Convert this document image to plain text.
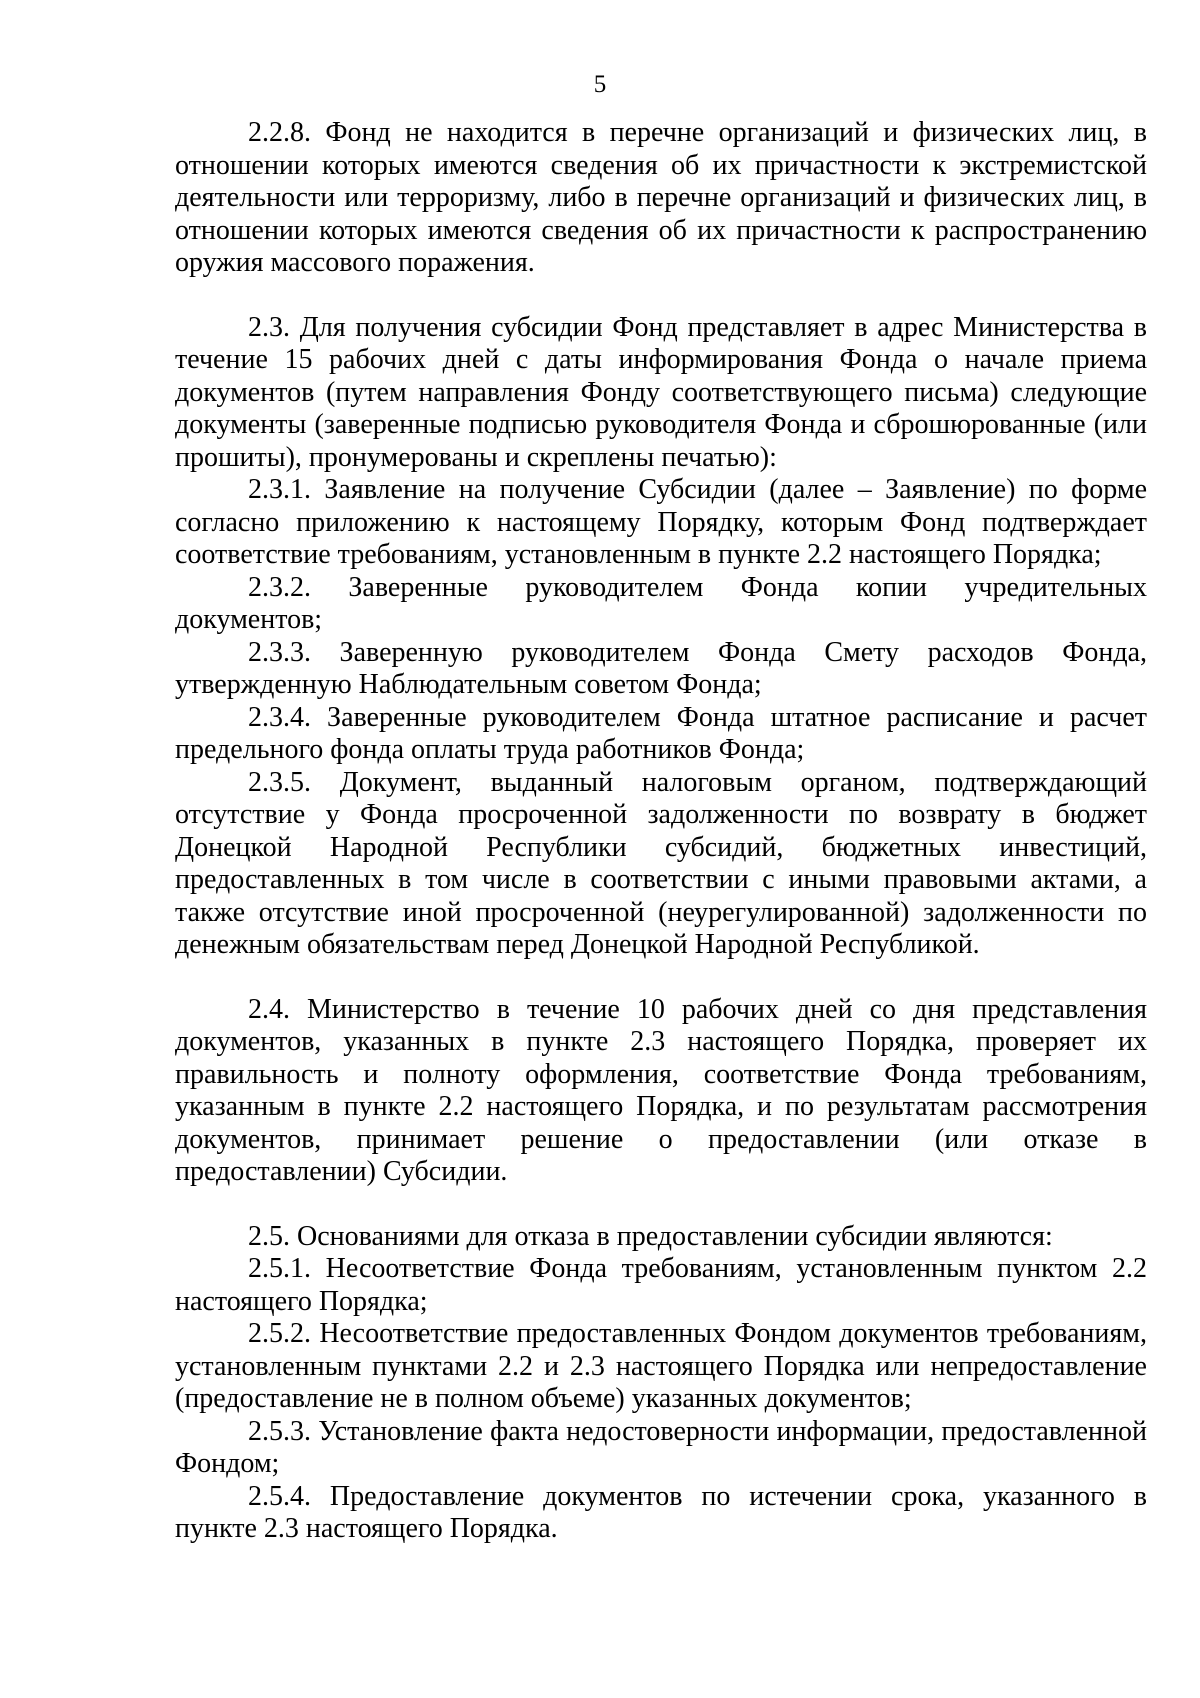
5

2.2.8. Фонд не находится в перечне организаций и физических лиц, в отношении которых имеются сведения об их причастности к экстремистской деятельности или терроризму, либо в перечне организаций и физических лиц, в отношении которых имеются сведения об их причастности к распространению оружия массового поражения.

2.3. Для получения субсидии Фонд представляет в адрес Министерства в течение 15 рабочих дней с даты информирования Фонда о начале приема документов (путем направления Фонду соответствующего письма) следующие документы (заверенные подписью руководителя Фонда и сброшюрованные (или прошиты), пронумерованы и скреплены печатью):

2.3.1. Заявление на получение Субсидии (далее – Заявление) по форме согласно приложению к настоящему Порядку, которым Фонд подтверждает соответствие требованиям, установленным в пункте 2.2 настоящего Порядка;

2.3.2. Заверенные руководителем Фонда копии учредительных документов;

2.3.3. Заверенную руководителем Фонда Смету расходов Фонда, утвержденную Наблюдательным советом Фонда;

2.3.4. Заверенные руководителем Фонда штатное расписание и расчет предельного фонда оплаты труда работников Фонда;

2.3.5. Документ, выданный налоговым органом, подтверждающий отсутствие у Фонда просроченной задолженности по возврату в бюджет Донецкой Народной Республики субсидий, бюджетных инвестиций, предоставленных в том числе в соответствии с иными правовыми актами, а также отсутствие иной просроченной (неурегулированной) задолженности по денежным обязательствам перед Донецкой Народной Республикой.

2.4. Министерство в течение 10 рабочих дней со дня представления документов, указанных в пункте 2.3 настоящего Порядка, проверяет их правильность и полноту оформления, соответствие Фонда требованиям, указанным в пункте 2.2 настоящего Порядка, и по результатам рассмотрения документов, принимает решение о предоставлении (или отказе в предоставлении) Субсидии.

2.5. Основаниями для отказа в предоставлении субсидии являются:

2.5.1. Несоответствие Фонда требованиям, установленным пунктом 2.2 настоящего Порядка;

2.5.2. Несоответствие предоставленных Фондом документов требованиям, установленным пунктами 2.2 и 2.3 настоящего Порядка или непредоставление (предоставление не в полном объеме) указанных документов;

2.5.3. Установление факта недостоверности информации, предоставленной Фондом;

2.5.4. Предоставление документов по истечении срока, указанного в пункте 2.3 настоящего Порядка.
